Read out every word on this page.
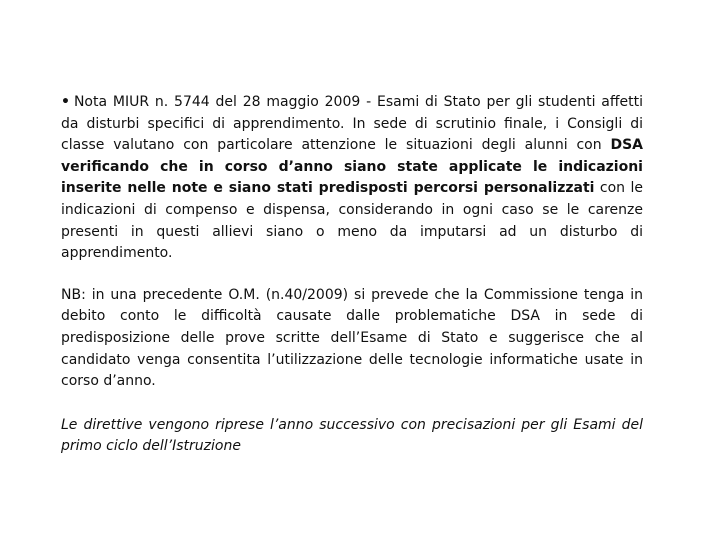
• Nota MIUR n. 5744 del 28 maggio 2009 - Esami di Stato per gli studenti affetti da disturbi specifici di apprendimento. In sede di scrutinio finale, i Consigli di classe valutano con particolare attenzione le situazioni degli alunni con DSA verificando che in corso d’anno siano state applicate le indicazioni inserite nelle note e siano stati predisposti percorsi personalizzati con le indicazioni di compenso e dispensa, considerando in ogni caso se le carenze presenti in questi allievi siano o meno da imputarsi ad un disturbo di apprendimento.

NB: in una precedente O.M. (n.40/2009) si prevede che la Commissione tenga in debito conto le difficoltà causate dalle problematiche DSA in sede di predisposizione delle prove scritte dell’Esame di Stato e suggerisce che al candidato venga consentita l’utilizzazione delle tecnologie informatiche usate in corso d’anno.

Le direttive vengono riprese l’anno successivo con precisazioni per gli Esami del primo ciclo dell’Istruzione
